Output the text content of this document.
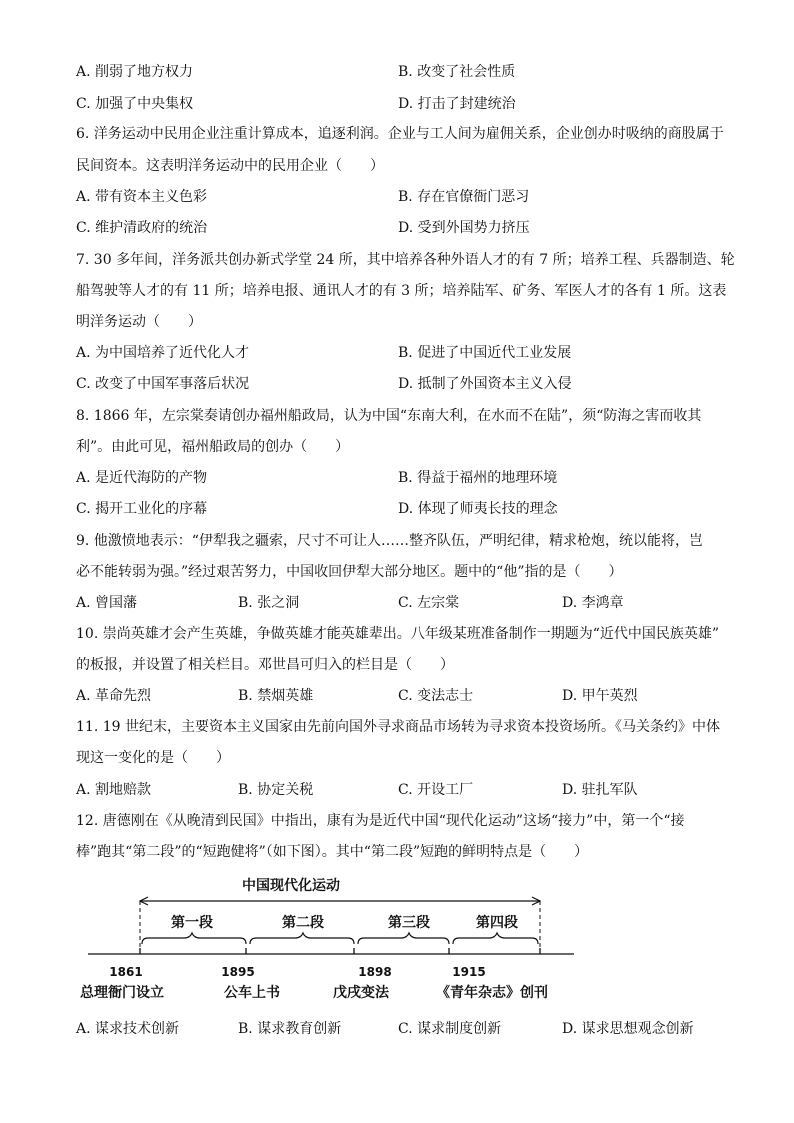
A. 削弱了地方权力	B. 改变了社会性质
C. 加强了中央集权	D. 打击了封建统治
6. 洋务运动中民用企业注重计算成本，追逐利润。企业与工人间为雇佣关系，企业创办时吸纳的商股属于
民间资本。这表明洋务运动中的民用企业（　　）
A. 带有资本主义色彩	B. 存在官僚衙门恶习
C. 维护清政府的统治	D. 受到外国势力挤压
7. 30 多年间，洋务派共创办新式学堂 24 所，其中培养各种外语人才的有 7 所；培养工程、兵器制造、轮
船驾驶等人才的有 11 所；培养电报、通讯人才的有 3 所；培养陆军、矿务、军医人才的各有 1 所。这表
明洋务运动（　　）
A. 为中国培养了近代化人才	B. 促进了中国近代工业发展
C. 改变了中国军事落后状况	D. 抵制了外国资本主义入侵
8. 1866 年，左宗棠奏请创办福州船政局，认为中国“东南大利，在水而不在陆”，须“防海之害而收其
利”。由此可见，福州船政局的创办（　　）
A. 是近代海防的产物	B. 得益于福州的地理环境
C. 揭开工业化的序幕	D. 体现了师夷长技的理念
9. 他激愤地表示：“伊犁我之疆索，尺寸不可让人……整齐队伍，严明纪律，精求枪炮，统以能将，岂
必不能转弱为强。”经过艰苦努力，中国收回伊犁大部分地区。题中的“他”指的是（　　）
A. 曾国藩	B. 张之洞	C. 左宗棠	D. 李鸿章
10. 崇尚英雄才会产生英雄，争做英雄才能英雄辈出。八年级某班准备制作一期题为“近代中国民族英雄”
的板报，并设置了相关栏目。邓世昌可归入的栏目是（　　）
A. 革命先烈	B. 禁烟英雄	C. 变法志士	D. 甲午英烈
11. 19 世纪末，主要资本主义国家由先前向国外寻求商品市场转为寻求资本投资场所。《马关条约》中体
现这一变化的是（　　）
A. 割地赔款	B. 协定关税	C. 开设工厂	D. 驻扎军队
12. 唐德刚在《从晚清到民国》中指出，康有为是近代中国“现代化运动”这场“接力”中，第一个“接
棒”跑其“第二段”的“短跑健将”（如下图）。其中“第二段”短跑的鲜明特点是（　　）
中国现代化运动
第一段	第二段	第三段	第四段
1861	1895	1898	1915
总理衙门设立	公车上书	戊戌变法	《青年杂志》创刊
A. 谋求技术创新	B. 谋求教育创新	C. 谋求制度创新	D. 谋求思想观念创新
